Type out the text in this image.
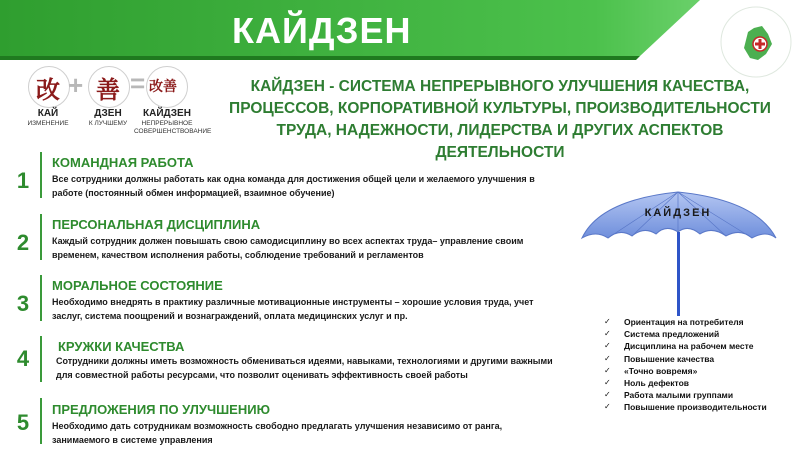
КАЙДЗЕН
改
КАЙ
ИЗМЕНЕНИЕ
+ 善
ДЗЕН
К ЛУЧШЕМУ
= 改善
КАЙДЗЕН
НЕПРЕРЫВНОЕ
СОВЕРШЕНСТВОВАНИЕ
КАЙДЗЕН - СИСТЕМА НЕПРЕРЫВНОГО УЛУЧШЕНИЯ КАЧЕСТВА, ПРОЦЕССОВ, КОРПОРАТИВНОЙ КУЛЬТУРЫ, ПРОИЗВОДИТЕЛЬНОСТИ ТРУДА, НАДЕЖНОСТИ, ЛИДЕРСТВА И ДРУГИХ АСПЕКТОВ ДЕЯТЕЛЬНОСТИ
1
КОМАНДНАЯ РАБОТА
Все сотрудники должны работать как одна команда для достижения общей цели и желаемого улучшения в работе (постоянный обмен информацией, взаимное обучение)
2
ПЕРСОНАЛЬНАЯ ДИСЦИПЛИНА
Каждый сотрудник должен повышать свою самодисциплину во всех аспектах труда– управление своим временем, качеством исполнения работы, соблюдение требований и регламентов
3
МОРАЛЬНОЕ СОСТОЯНИЕ
Необходимо внедрять в практику различные мотивационные инструменты – хорошие условия труда, учет заслуг, система поощрений и вознаграждений, оплата медицинских услуг и пр.
4 КРУЖКИ КАЧЕСТВА
Сотрудники должны иметь возможность обмениваться идеями, навыками, технологиями и другими важными для совместной работы ресурсами, что позволит оценивать эффективность своей работы
5
ПРЕДЛОЖЕНИЯ ПО УЛУЧШЕНИЮ
Необходимо дать сотрудникам возможность свободно предлагать улучшения независимо от ранга, занимаемого в системе управления
КАЙДЗЕН
✓ Ориентация на потребителя
✓ Система предложений
✓ Дисциплина на рабочем месте
✓ Повышение качества
✓ «Точно вовремя»
✓ Ноль дефектов
✓ Работа малыми группами
✓ Повышение производительности
